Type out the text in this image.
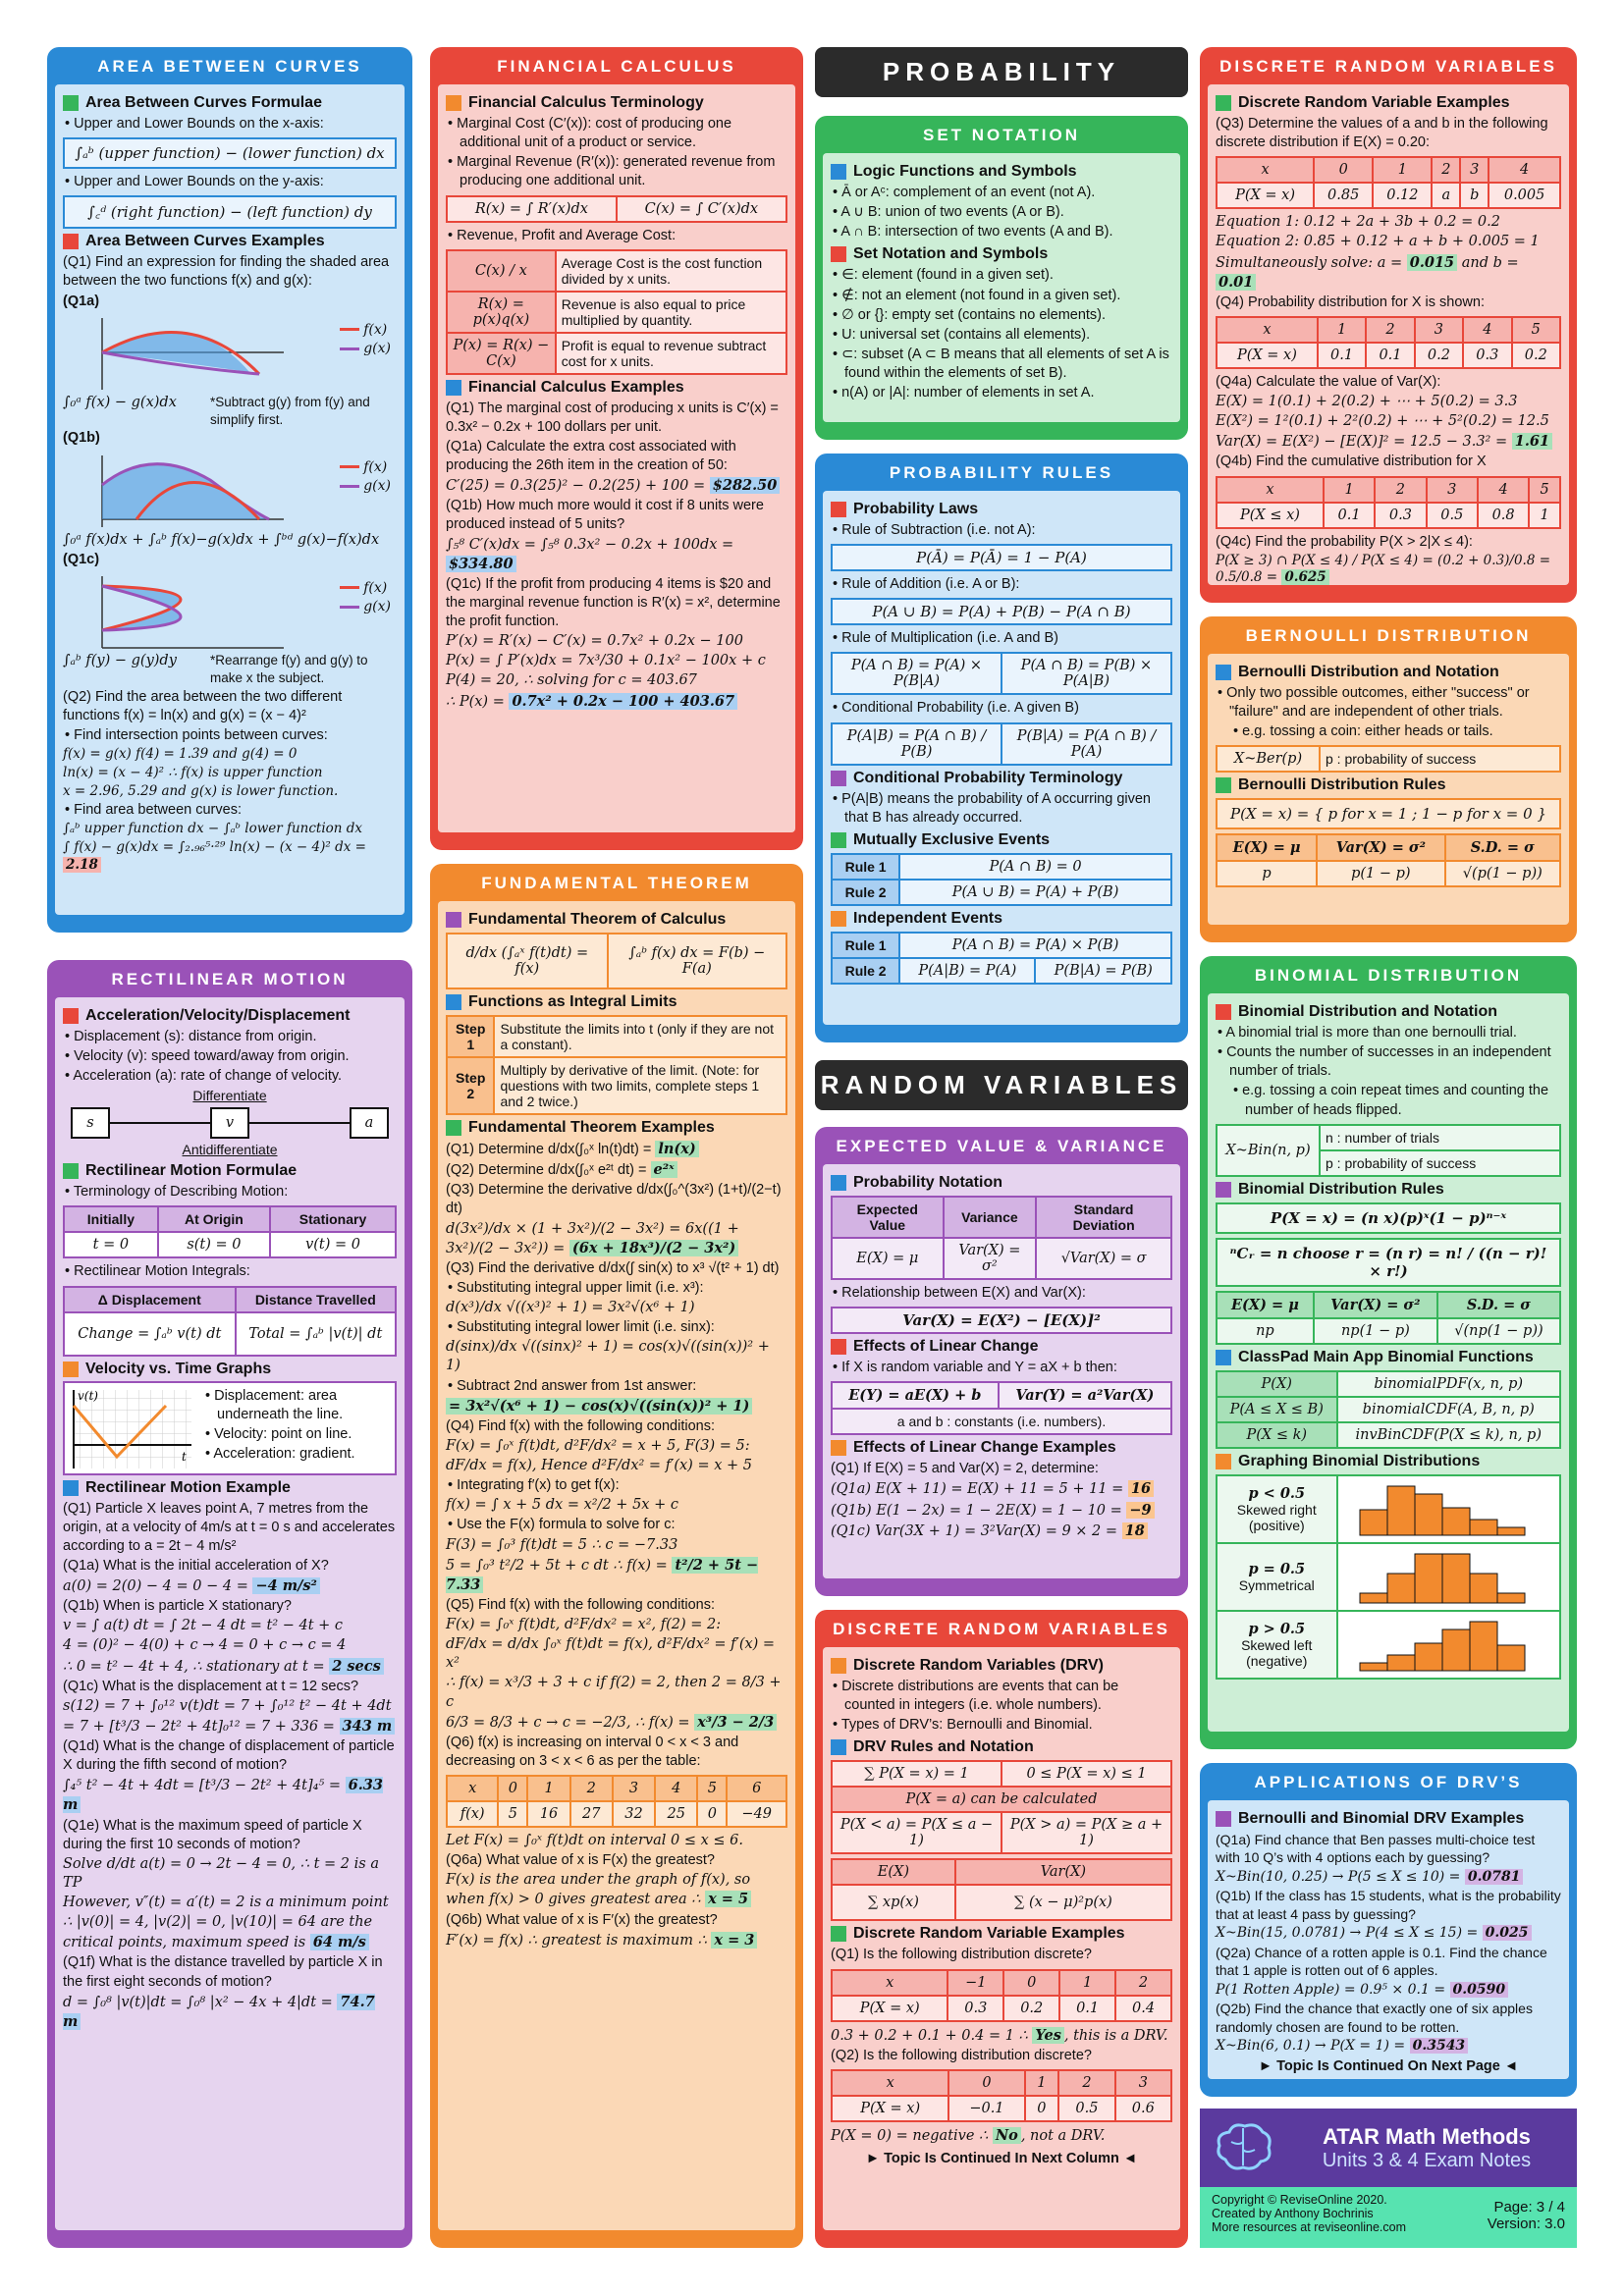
AREA BETWEEN CURVES
Area Between Curves Formulae
• Upper and Lower Bounds on the x-axis:
∫ₐᵇ (upper function) − (lower function) dx
• Upper and Lower Bounds on the y-axis:
∫꜀ᵈ (right function) − (left function) dy
Area Between Curves Examples
(Q1) Find an expression for finding the shaded area between the two functions f(x) and g(x):
(Q1a)
f(x)
g(x)
∫₀ᵃ f(x) − g(x)dx	*Subtract g(y) from f(y) and simplify first.
(Q1b)
f(x)
g(x)
∫₀ᵃ f(x)dx + ∫ₐᵇ f(x)−g(x)dx + ∫ᵇᵈ g(x)−f(x)dx
(Q1c)
f(x)
g(x)
∫ₐᵇ f(y) − g(y)dy	*Rearrange f(y) and g(y) to make x the subject.
(Q2) Find the area between the two different functions f(x) = ln(x) and g(x) = (x − 4)²
• Find intersection points between curves:
f(x) = g(x) f(4) = 1.39 and g(4) = 0
ln(x) = (x − 4)² ∴ f(x) is upper function
x = 2.96, 5.29 and g(x) is lower function.
• Find area between curves:
∫ₐᵇ upper function dx − ∫ₐᵇ lower function dx
∫ f(x) − g(x)dx = ∫₂.₉₆⁵·²⁹ ln(x) − (x − 4)² dx = 2.18
RECTILINEAR MOTION
Acceleration/Velocity/Displacement
• Displacement (s): distance from origin.
• Velocity (v): speed toward/away from origin.
• Acceleration (a): rate of change of velocity.
Differentiate
s	v	a
Antidifferentiate
Rectilinear Motion Formulae
• Terminology of Describing Motion:
Initially	At Origin	Stationary
t = 0	s(t) = 0	v(t) = 0
• Rectilinear Motion Integrals:
Δ Displacement	Distance Travelled
Change = ∫ₐᵇ v(t) dt	Total = ∫ₐᵇ |v(t)| dt
Velocity vs. Time Graphs
v(t)
t
• Displacement: area underneath the line.
• Velocity: point on line.
• Acceleration: gradient.
Rectilinear Motion Example
(Q1) Particle X leaves point A, 7 metres from the origin, at a velocity of 4m/s at t = 0 s and accelerates according to a = 2t − 4 m/s²
(Q1a) What is the initial acceleration of X?
a(0) = 2(0) − 4 = 0 − 4 = −4 m/s²
(Q1b) When is particle X stationary?
v = ∫ a(t) dt = ∫ 2t − 4 dt = t² − 4t + c
4 = (0)² − 4(0) + c → 4 = 0 + c → c = 4
∴ 0 = t² − 4t + 4, ∴ stationary at t = 2 secs
(Q1c) What is the displacement at t = 12 secs?
s(12) = 7 + ∫₀¹² v(t)dt = 7 + ∫₀¹² t² − 4t + 4dt
= 7 + [t³/3 − 2t² + 4t]₀¹² = 7 + 336 = 343 m
(Q1d) What is the change of displacement of particle X during the fifth second of motion?
∫₄⁵ t² − 4t + 4dt = [t³/3 − 2t² + 4t]₄⁵ = 6.33 m
(Q1e) What is the maximum speed of particle X during the first 10 seconds of motion?
Solve d/dt a(t) = 0 → 2t − 4 = 0, ∴ t = 2 is a TP
However, v″(t) = a′(t) = 2 is a minimum point
∴ |v(0)| = 4, |v(2)| = 0, |v(10)| = 64 are the
critical points, maximum speed is 64 m/s
(Q1f) What is the distance travelled by particle X in the first eight seconds of motion?
d = ∫₀⁸ |v(t)|dt = ∫₀⁸ |x² − 4x + 4|dt = 74.7 m
FINANCIAL CALCULUS
Financial Calculus Terminology
• Marginal Cost (C′(x)): cost of producing one additional unit of a product or service.
• Marginal Revenue (R′(x)): generated revenue from producing one additional unit.
R(x) = ∫ R′(x)dx	C(x) = ∫ C′(x)dx
• Revenue, Profit and Average Cost:
C(x) / x	Average Cost is the cost function divided by x units.
R(x) = p(x)q(x)	Revenue is also equal to price multiplied by quantity.
P(x) = R(x) − C(x)	Profit is equal to revenue subtract cost for x units.
Financial Calculus Examples
(Q1) The marginal cost of producing x units is C′(x) = 0.3x² − 0.2x + 100 dollars per unit.
(Q1a) Calculate the extra cost associated with producing the 26th item in the creation of 50:
C′(25) = 0.3(25)² − 0.2(25) + 100 = $282.50
(Q1b) How much more would it cost if 8 units were produced instead of 5 units?
∫₅⁸ C′(x)dx = ∫₅⁸ 0.3x² − 0.2x + 100dx = $334.80
(Q1c) If the profit from producing 4 items is $20 and the marginal revenue function is R′(x) = x², determine the profit function.
P′(x) = R′(x) − C′(x) = 0.7x² + 0.2x − 100
P(x) = ∫ P′(x)dx = 7x³/30 + 0.1x² − 100x + c
P(4) = 20, ∴ solving for c = 403.67
∴ P(x) = 0.7x² + 0.2x − 100 + 403.67
FUNDAMENTAL THEOREM
Fundamental Theorem of Calculus
d/dx (∫ₐˣ f(t)dt) = f(x)	∫ₐᵇ f(x) dx = F(b) − F(a)
Functions as Integral Limits
Step 1	Substitute the limits into t (only if they are not a constant).
Step 2	Multiply by derivative of the limit. (Note: for questions with two limits, complete steps 1 and 2 twice.)
Fundamental Theorem Examples
(Q1) Determine d/dx(∫₀ˣ ln(t)dt) = ln(x)
(Q2) Determine d/dx(∫₀ˣ e²ᵗ dt) = e²ˣ
(Q3) Determine the derivative d/dx(∫₀^(3x²) (1+t)/(2−t) dt)
d(3x²)/dx × (1 + 3x²)/(2 − 3x²) = 6x((1 + 3x²)/(2 − 3x²)) = (6x + 18x³)/(2 − 3x²)
(Q3) Find the derivative d/dx(∫ sin(x) to x³ √(t² + 1) dt)
• Substituting integral upper limit (i.e. x³):
d(x³)/dx √((x³)² + 1) = 3x²√(x⁶ + 1)
• Substituting integral lower limit (i.e. sinx):
d(sinx)/dx √((sinx)² + 1) = cos(x)√((sin(x))² + 1)
• Subtract 2nd answer from 1st answer:
= 3x²√(x⁶ + 1) − cos(x)√((sin(x))² + 1)
(Q4) Find f(x) with the following conditions:
F(x) = ∫₀ˣ f(t)dt, d²F/dx² = x + 5, F(3) = 5:
dF/dx = f(x), Hence d²F/dx² = f′(x) = x + 5
• Integrating f′(x) to get f(x):
f(x) = ∫ x + 5 dx = x²/2 + 5x + c
• Use the F(x) formula to solve for c:
F(3) = ∫₀³ f(t)dt = 5 ∴ c = −7.33
5 = ∫₀³ t²/2 + 5t + c dt ∴ f(x) = t²/2 + 5t − 7.33
(Q5) Find f(x) with the following conditions:
F(x) = ∫₀ˣ f(t)dt, d²F/dx² = x², f(2) = 2:
dF/dx = d/dx ∫₀ˣ f(t)dt = f(x), d²F/dx² = f′(x) = x²
∴ f(x) = x³/3 + 3 + c if f(2) = 2, then 2 = 8/3 + c
6/3 = 8/3 + c → c = −2/3, ∴ f(x) = x³/3 − 2/3
(Q6) f(x) is increasing on interval 0 < x < 3 and decreasing on 3 < x < 6 as per the table:
x	0	1	2	3	4	5	6
f(x)	5	16	27	32	25	0	−49
Let F(x) = ∫₀ˣ f(t)dt on interval 0 ≤ x ≤ 6.
(Q6a) What value of x is F(x) the greatest?
F(x) is the area under the graph of f(x), so when f(x) > 0 gives greatest area ∴ x = 5
(Q6b) What value of x is F′(x) the greatest?
F′(x) = f(x) ∴ greatest is maximum ∴ x = 3
PROBABILITY
SET NOTATION
Logic Functions and Symbols
• Ā or Aᶜ: complement of an event (not A).
• A ∪ B: union of two events (A or B).
• A ∩ B: intersection of two events (A and B).
Set Notation and Symbols
• ∈: element (found in a given set).
• ∉: not an element (not found in a given set).
• ∅ or {}: empty set (contains no elements).
• U: universal set (contains all elements).
• ⊂: subset (A ⊂ B means that all elements of set A is found within the elements of set B).
• n(A) or |A|: number of elements in set A.
PROBABILITY RULES
Probability Laws
• Rule of Subtraction (i.e. not A):
P(Ā) = P(Ā) = 1 − P(A)
• Rule of Addition (i.e. A or B):
P(A ∪ B) = P(A) + P(B) − P(A ∩ B)
• Rule of Multiplication (i.e. A and B)
P(A ∩ B) = P(A) × P(B|A)	P(A ∩ B) = P(B) × P(A|B)
• Conditional Probability (i.e. A given B)
P(A|B) = P(A ∩ B) / P(B)	P(B|A) = P(A ∩ B) / P(A)
Conditional Probability Terminology
• P(A|B) means the probability of A occurring given that B has already occurred.
Mutually Exclusive Events
Rule 1	P(A ∩ B) = 0
Rule 2	P(A ∪ B) = P(A) + P(B)
Independent Events
Rule 1	P(A ∩ B) = P(A) × P(B)	
Rule 2	P(A|B) = P(A)	P(B|A) = P(B)
RANDOM VARIABLES
EXPECTED VALUE & VARIANCE
Probability Notation
Expected Value	Variance	Standard Deviation
E(X) = μ	Var(X) = σ²	√Var(X) = σ
• Relationship between E(X) and Var(X):
Var(X) = E(X²) − [E(X)]²
Effects of Linear Change
• If X is random variable and Y = aX + b then:
E(Y) = aE(X) + b	Var(Y) = a²Var(X)
a and b : constants (i.e. numbers).
Effects of Linear Change Examples
(Q1) If E(X) = 5 and Var(X) = 2, determine:
(Q1a) E(X + 11) = E(X) + 11 = 5 + 11 = 16
(Q1b) E(1 − 2x) = 1 − 2E(X) = 1 − 10 = −9
(Q1c) Var(3X + 1) = 3²Var(X) = 9 × 2 = 18
DISCRETE RANDOM VARIABLES
Discrete Random Variables (DRV)
• Discrete distributions are events that can be counted in integers (i.e. whole numbers).
• Types of DRV’s: Bernoulli and Binomial.
DRV Rules and Notation
∑ P(X = x) = 1	0 ≤ P(X = x) ≤ 1
P(X = a) can be calculated	
P(X < a) = P(X ≤ a − 1)	P(X > a) = P(X ≥ a + 1)
E(X)	Var(X)
∑ xp(x)	∑ (x − μ)²p(x)
Discrete Random Variable Examples
(Q1) Is the following distribution discrete?
x	−1	0	1	2
P(X = x)	0.3	0.2	0.1	0.4
0.3 + 0.2 + 0.1 + 0.4 = 1 ∴ Yes , this is a DRV.
(Q2) Is the following distribution discrete?
x	0	1	2	3
P(X = x)	−0.1	0	0.5	0.6
P(X = 0) = negative ∴ No , not a DRV.
► Topic Is Continued In Next Column ◄
DISCRETE RANDOM VARIABLES
Discrete Random Variable Examples
(Q3) Determine the values of a and b in the following discrete distribution if E(X) = 0.20:
x	0	1	2	3	4
P(X = x)	0.85	0.12	a	b	0.005
Equation 1: 0.12 + 2a + 3b + 0.2 = 0.2
Equation 2: 0.85 + 0.12 + a + b + 0.005 = 1
Simultaneously solve: a = 0.015 and b = 0.01
(Q4) Probability distribution for X is shown:
x	1	2	3	4	5
P(X = x)	0.1	0.1	0.2	0.3	0.2
(Q4a) Calculate the value of Var(X):
E(X) = 1(0.1) + 2(0.2) + ⋯ + 5(0.2) = 3.3
E(X²) = 1²(0.1) + 2²(0.2) + ⋯ + 5²(0.2) = 12.5
Var(X) = E(X²) − [E(X)]² = 12.5 − 3.3² = 1.61
(Q4b) Find the cumulative distribution for X
x	1	2	3	4	5
P(X ≤ x)	0.1	0.3	0.5	0.8	1
(Q4c) Find the probability P(X > 2|X ≤ 4):
P(X ≥ 3) ∩ P(X ≤ 4) / P(X ≤ 4) = (0.2 + 0.3)/0.8 = 0.5/0.8 = 0.625
BERNOULLI DISTRIBUTION
Bernoulli Distribution and Notation
• Only two possible outcomes, either "success" or "failure" and are independent of other trials.
• e.g. tossing a coin: either heads or tails.
X~Ber(p)	p : probability of success
Bernoulli Distribution Rules
P(X = x) = { p for x = 1 ; 1 − p for x = 0 }
E(X) = μ	Var(X) = σ²	S.D. = σ
p	p(1 − p)	√(p(1 − p))
BINOMIAL DISTRIBUTION
Binomial Distribution and Notation
• A binomial trial is more than one bernoulli trial.
• Counts the number of successes in an independent number of trials.
• e.g. tossing a coin repeat times and counting the number of heads flipped.
X~Bin(n, p)	n : number of trials
p : probability of success
Binomial Distribution Rules
P(X = x) = (n x)(p)ˣ(1 − p)ⁿ⁻ˣ
ⁿCᵣ = n choose r = (n r) = n! / ((n − r)! × r!)
E(X) = μ	Var(X) = σ²	S.D. = σ
np	np(1 − p)	√(np(1 − p))
ClassPad Main App Binomial Functions
P(X)	binomialPDF(x, n, p)
P(A ≤ X ≤ B)	binomialCDF(A, B, n, p)
P(X ≤ k)	invBinCDF(P(X ≤ k), n, p)
Graphing Binomial Distributions
p < 0.5
Skewed right (positive)

p = 0.5
Symmetrical

p > 0.5
Skewed left (negative)

APPLICATIONS OF DRV’S
Bernoulli and Binomial DRV Examples
(Q1a) Find chance that Ben passes multi-choice test with 10 Q’s with 4 options each by guessing?
X~Bin(10, 0.25) → P(5 ≤ X ≤ 10) = 0.0781
(Q1b) If the class has 15 students, what is the probability that at least 4 pass by guessing?
X~Bin(15, 0.0781) → P(4 ≤ X ≤ 15) = 0.025
(Q2a) Chance of a rotten apple is 0.1. Find the chance that 1 apple is rotten out of 6 apples.
P(1 Rotten Apple) = 0.9⁵ × 0.1 = 0.0590
(Q2b) Find the chance that exactly one of six apples randomly chosen are found to be rotten.
X~Bin(6, 0.1) → P(X = 1) = 0.3543
► Topic Is Continued On Next Page ◄
ATAR Math Methods
Units 3 & 4 Exam Notes
Copyright © ReviseOnline 2020.
Created by Anthony Bochrinis
More resources at reviseonline.com
Page: 3 / 4
Version: 3.0
